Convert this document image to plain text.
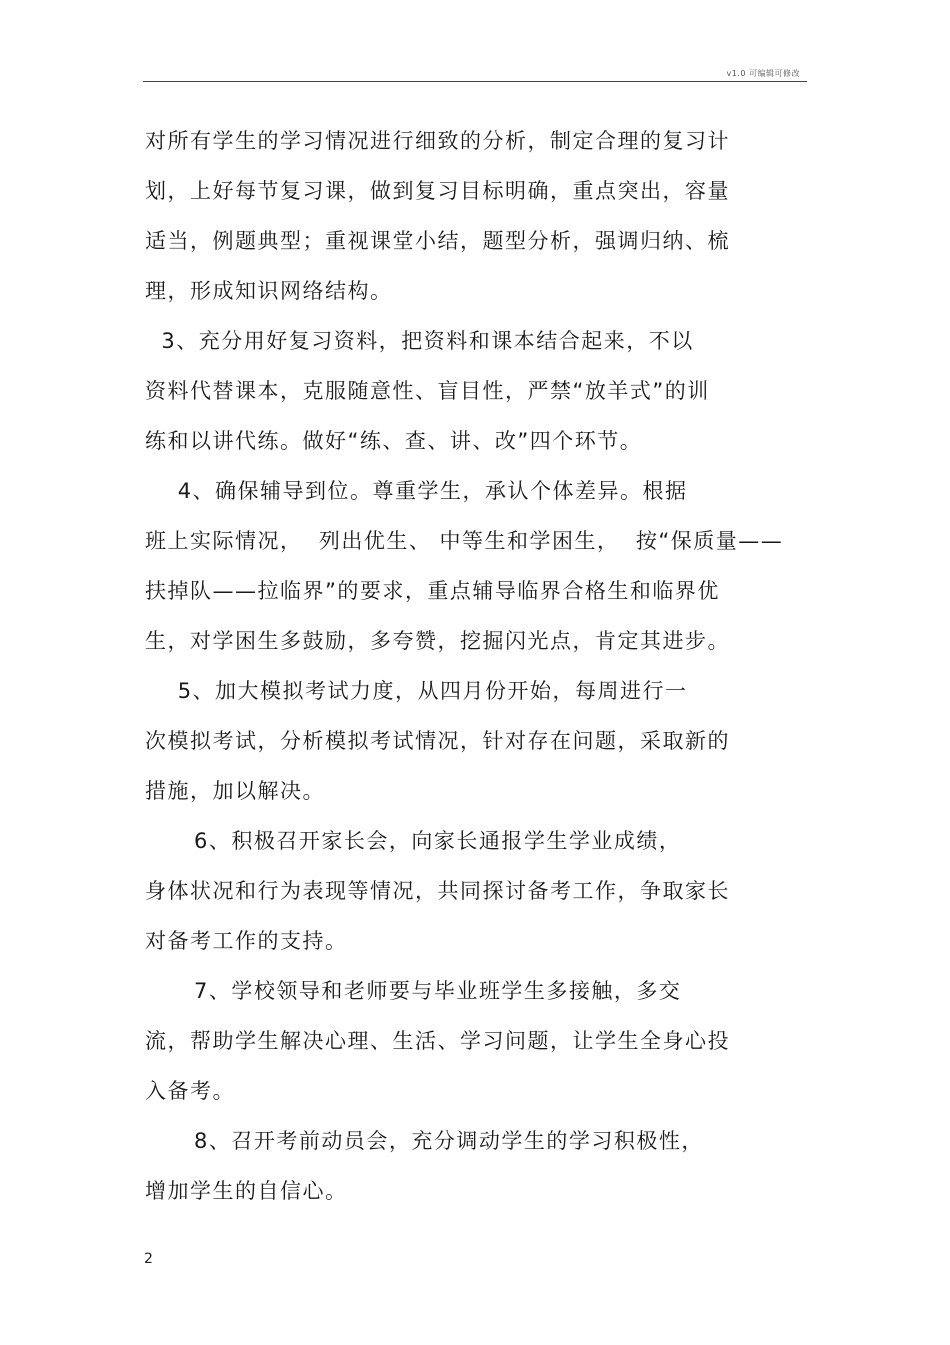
v1.0 可编辑可修改
对所有学生的学习情况进行细致的分析，制定合理的复习计
划，上好每节复习课，做到复习目标明确，重点突出，容量
适当，例题典型；重视课堂小结，题型分析，强调归纳、梳
理，形成知识网络结构。
3、充分用好复习资料，把资料和课本结合起来，不以
资料代替课本，克服随意性、盲目性，严禁“放羊式”的训
练和以讲代练。做好“练、查、讲、改”四个环节。
4、确保辅导到位。尊重学生，承认个体差异。根据
班上实际情况，  列出优生、 中等生和学困生，  按“保质量——
扶掉队——拉临界”的要求，重点辅导临界合格生和临界优
生，对学困生多鼓励，多夸赞，挖掘闪光点，肯定其进步。
5、加大模拟考试力度，从四月份开始，每周进行一
次模拟考试，分析模拟考试情况，针对存在问题，采取新的
措施，加以解决。
6、积极召开家长会，向家长通报学生学业成绩，
身体状况和行为表现等情况，共同探讨备考工作，争取家长
对备考工作的支持。
7、学校领导和老师要与毕业班学生多接触，多交
流，帮助学生解决心理、生活、学习问题，让学生全身心投
入备考。
8、召开考前动员会，充分调动学生的学习积极性，
增加学生的自信心。
2
